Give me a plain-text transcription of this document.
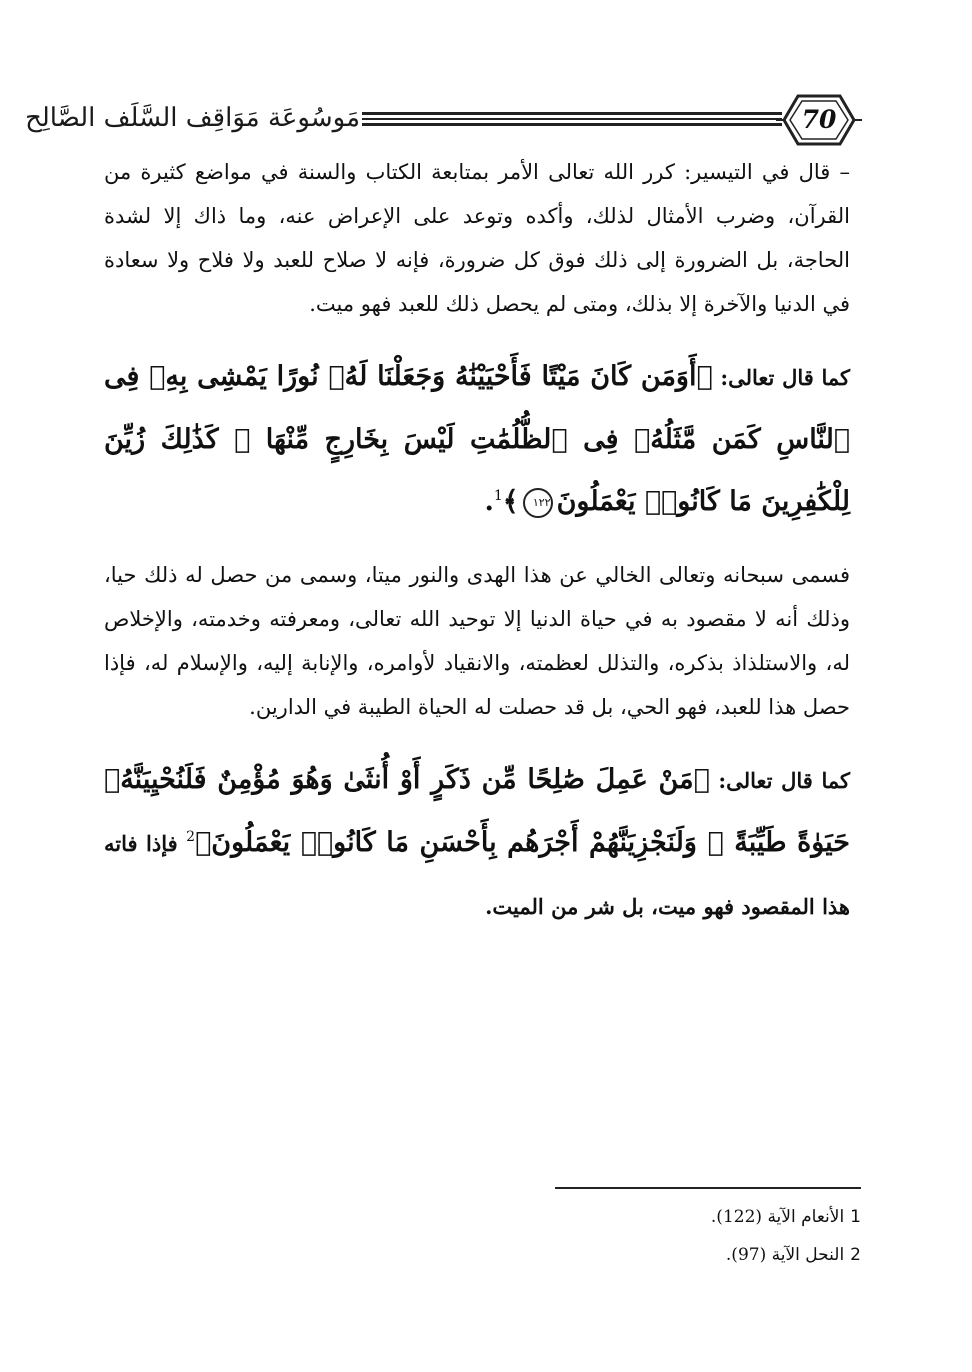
مَوسُوعَة مَوَاقِف السَّلَف الصَّالِح	70

– قال في التيسير: كرر الله تعالى الأمر بمتابعة الكتاب والسنة في مواضع كثيرة من القرآن، وضرب الأمثال لذلك، وأكده وتوعد على الإعراض عنه، وما ذاك إلا لشدة الحاجة، بل الضرورة إلى ذلك فوق كل ضرورة، فإنه لا صلاح للعبد ولا فلاح ولا سعادة في الدنيا والآخرة إلا بذلك، ومتى لم يحصل ذلك للعبد فهو ميت.

كما قال تعالى: ﴿أَوَمَن كَانَ مَيْتًا فَأَحْيَيْنَٰهُ وَجَعَلْنَا لَهُۥ نُورًا يَمْشِى بِهِۦ فِى ٱلنَّاسِ كَمَن مَّثَلُهُۥ فِى ٱلظُّلُمَٰتِ لَيْسَ بِخَارِجٍ مِّنْهَا ۚ كَذَٰلِكَ زُيِّنَ لِلْكَٰفِرِينَ مَا كَانُوا۟ يَعْمَلُونَ١٢٢﴾$^1$.

فسمى سبحانه وتعالى الخالي عن هذا الهدى والنور ميتا، وسمى من حصل له ذلك حيا، وذلك أنه لا مقصود به في حياة الدنيا إلا توحيد الله تعالى، ومعرفته وخدمته، والإخلاص له، والاستلذاذ بذكره، والتذلل لعظمته، والانقياد لأوامره، والإنابة إليه، والإسلام له، فإذا حصل هذا للعبد، فهو الحي، بل قد حصلت له الحياة الطيبة في الدارين.

كما قال تعالى: ﴿مَنْ عَمِلَ صَٰلِحًا مِّن ذَكَرٍ أَوْ أُنثَىٰ وَهُوَ مُؤْمِنٌ فَلَنُحْيِيَنَّهُۥ حَيَوٰةً طَيِّبَةً ۖ وَلَنَجْزِيَنَّهُمْ أَجْرَهُم بِأَحْسَنِ مَا كَانُوا۟ يَعْمَلُونَ﴾$^2$ فإذا فاته هذا المقصود فهو ميت، بل شر من الميت.

1الأنعام الآية (122).
2النحل الآية (97).
